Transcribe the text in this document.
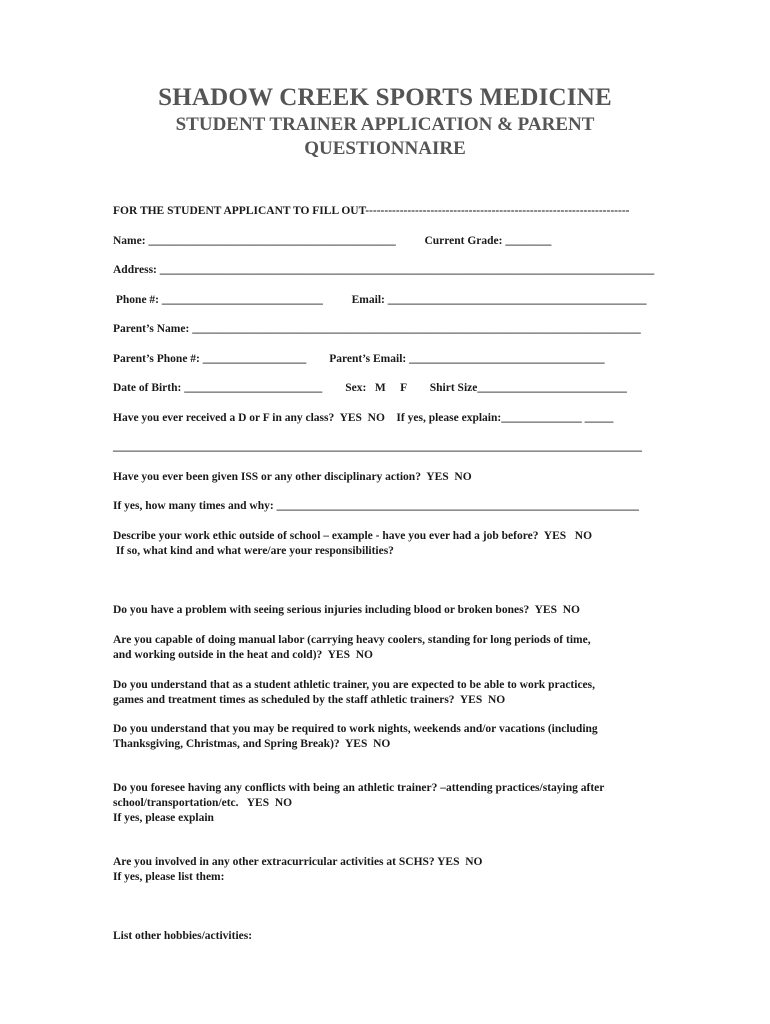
SHADOW CREEK SPORTS MEDICINE
STUDENT TRAINER APPLICATION & PARENT
QUESTIONNAIRE
FOR THE STUDENT APPLICANT TO FILL OUT---------------------------------------------------------------------
Name: ___________________________________________          Current Grade: ________
Address: ______________________________________________________________________________________
Phone #: ____________________________          Email: _____________________________________________
Parent’s Name: ______________________________________________________________________________
Parent’s Phone #: __________________        Parent’s Email: __________________________________
Date of Birth: ________________________        Sex:   M     F        Shirt Size__________________________
Have you ever received a D or F in any class?  YES  NO    If yes, please explain:______________ _____
____________________________________________________________________________________________
Have you ever been given ISS or any other disciplinary action?  YES  NO
If yes, how many times and why: _______________________________________________________________
Describe your work ethic outside of school – example - have you ever had a job before?  YES   NO
If so, what kind and what were/are your responsibilities?
Do you have a problem with seeing serious injuries including blood or broken bones?  YES  NO
Are you capable of doing manual labor (carrying heavy coolers, standing for long periods of time,
and working outside in the heat and cold)?  YES  NO
Do you understand that as a student athletic trainer, you are expected to be able to work practices,
games and treatment times as scheduled by the staff athletic trainers?  YES  NO
Do you understand that you may be required to work nights, weekends and/or vacations (including
Thanksgiving, Christmas, and Spring Break)?  YES  NO
Do you foresee having any conflicts with being an athletic trainer? –attending practices/staying after
school/transportation/etc.   YES  NO
If yes, please explain
Are you involved in any other extracurricular activities at SCHS? YES  NO
If yes, please list them:
List other hobbies/activities:
